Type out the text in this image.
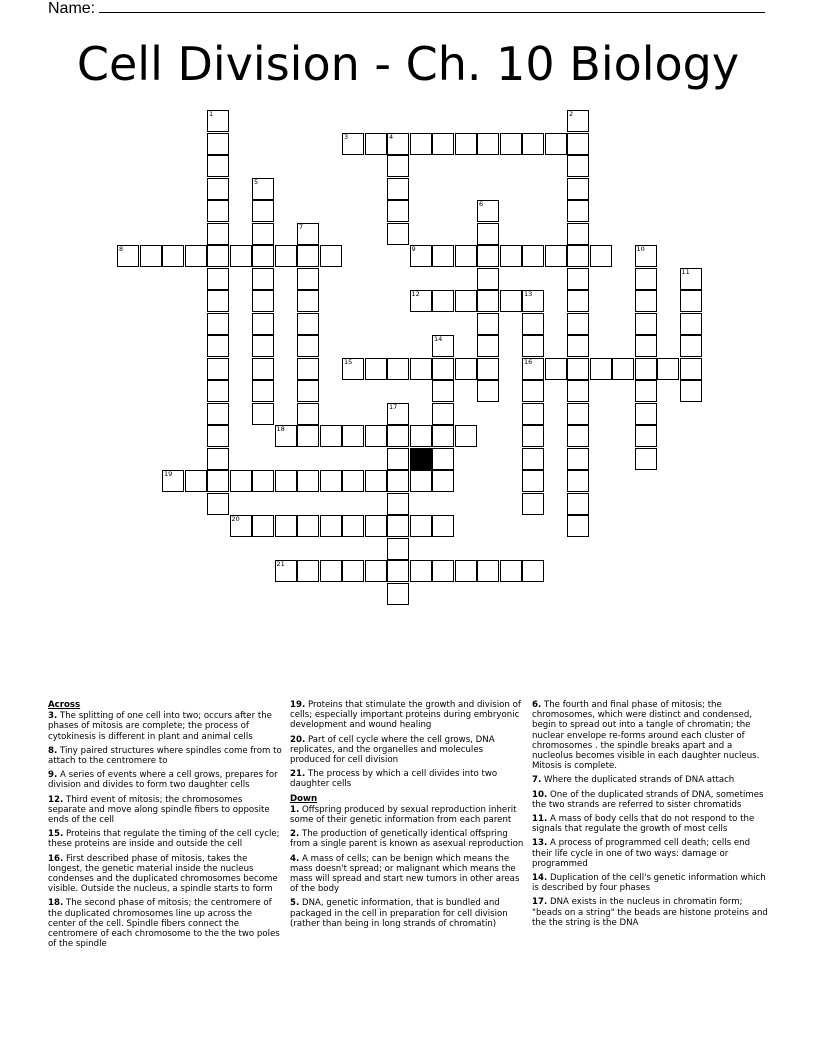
Name:
Cell Division - Ch. 10 Biology
1	2
3	4
5
6
7
8	9	10
11
12	13
16
14
15
17
18
19
20
21
Across
3. The splitting of one cell into two; occurs after the phases of mitosis are complete; the process of cytokinesis is different in plant and animal cells
8. Tiny paired structures where spindles come from to attach to the centromere to
9. A series of events where a cell grows, prepares for division and divides to form two daughter cells
12. Third event of mitosis; the chromosomes separate and move along spindle fibers to opposite ends of the cell
15. Proteins that regulate the timing of the cell cycle; these proteins are inside and outside the cell
16. First described phase of mitosis, takes the longest, the genetic material inside the nucleus condenses and the duplicated chromosomes become visible. Outside the nucleus, a spindle starts to form
18. The second phase of mitosis; the centromere of the duplicated chromosomes line up across the center of the cell. Spindle fibers connect the centromere of each chromosome to the the two poles of the spindle
19. Proteins that stimulate the growth and division of cells; especially important proteins during embryonic development and wound healing
20. Part of cell cycle where the cell grows, DNA replicates, and the organelles and molecules produced for cell division
21. The process by which a cell divides into two daughter cells
Down
1. Offspring produced by sexual reproduction inherit some of their genetic information from each parent
2. The production of genetically identical offspring from a single parent is known as asexual reproduction
4. A mass of cells; can be benign which means the mass doesn't spread; or malignant which means the mass will spread and start new tumors in other areas of the body
5. DNA, genetic information, that is bundled and packaged in the cell in preparation for cell division (rather than being in long strands of chromatin)
6. The fourth and final phase of mitosis; the chromosomes, which were distinct and condensed, begin to spread out into a tangle of chromatin; the nuclear envelope re-forms around each cluster of chromosomes . the spindle breaks apart and a nucleolus becomes visible in each daughter nucleus. Mitosis is complete.
7. Where the duplicated strands of DNA attach
10. One of the duplicated strands of DNA, sometimes the two strands are referred to sister chromatids
11. A mass of body cells that do not respond to the signals that regulate the growth of most cells
13. A process of programmed cell death; cells end their life cycle in one of two ways: damage or programmed
14. Duplication of the cell's genetic information which is described by four phases
17. DNA exists in the nucleus in chromatin form; "beads on a string" the beads are histone proteins and the the string is the DNA
